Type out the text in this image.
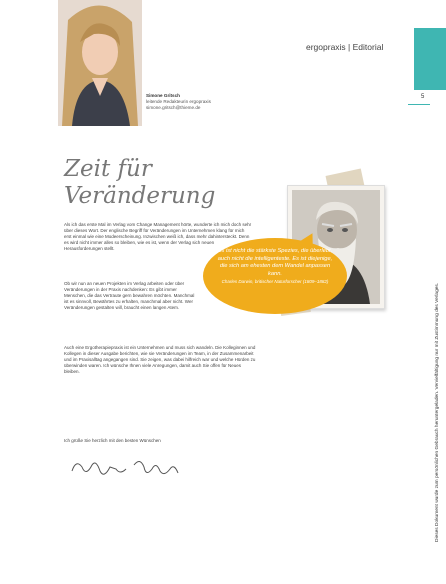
ergopraxis | Editorial
5
Simone Gritsch
leitende Redakteurin ergopraxis
simone.gritsch@thieme.de
Zeit für
Veränderung
Es ist nicht die stärkste Spezies, die überlebt, auch nicht die intelligenteste. Es ist diejenige, die sich am ehesten dem Wandel anpassen kann.
Charles Darwin, britischer Naturforscher (1809–1882)

Als ich das erste Mal im Verlag vom Change Management hörte, wunderte ich mich doch sehr über dieses Wort. Der englische Begriff für Veränderungen im Unternehmen klang für mich erst einmal wie eine Modeerscheinung. Inzwischen weiß ich, dass mehr dahintersteckt. Denn es wird nicht immer alles so bleiben, wie es ist, wenn der Verlag sich neuen Herausforderungen stellt.

Ob wir nun an neuen Projekten im Verlag arbeiten oder über Veränderungen in der Praxis nachdenken: Es gibt immer Menschen, die das Vertraute gern bewahren möchten. Manchmal ist es sinnvoll, Bewährtes zu erhalten, manchmal aber nicht. Wer Veränderungen gestalten will, braucht einen langen Atem.

Auch eine Ergotherapiepraxis ist ein Unternehmen und muss sich wandeln. Die Kolleginnen und Kollegen in dieser Ausgabe berichten, wie sie Veränderungen im Team, in der Zusammenarbeit und im Praxisalltag angegangen sind. Sie zeigen, was dabei hilfreich war und welche Hürden zu überwinden waren. Ich wünsche Ihnen viele Anregungen, damit auch Sie offen für Neues bleiben.

Ich grüße Sie herzlich mit den besten Wünschen	Dieses Dokument wurde zum persönlichen Gebrauch heruntergeladen. Vervielfältigung nur mit Zustimmung des Verlages.
